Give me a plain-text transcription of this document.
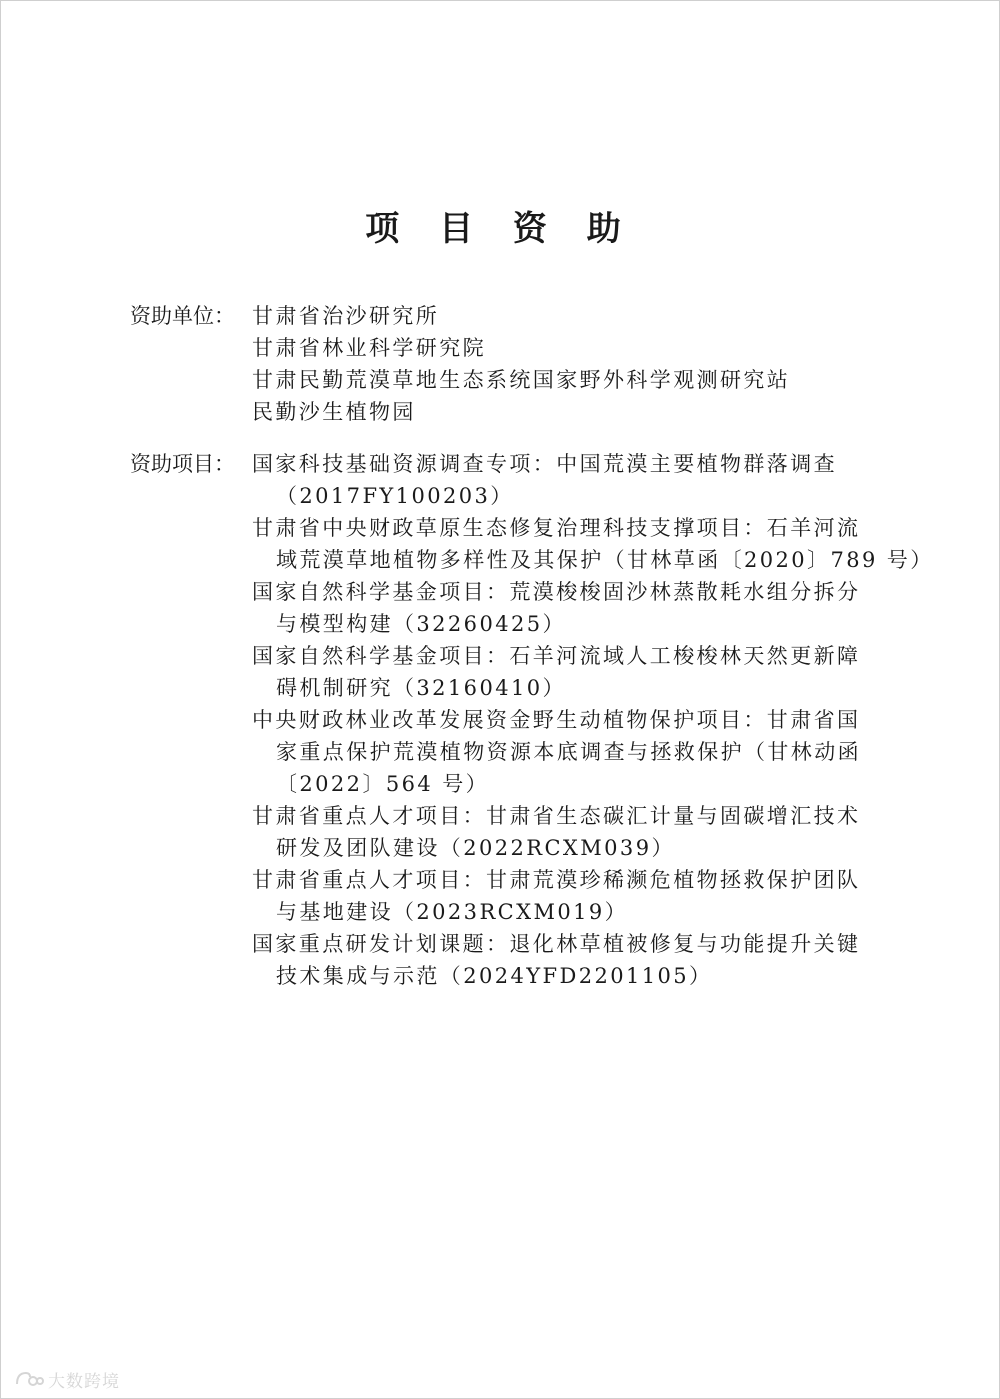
项 目 资 助
资助单位： 甘肃省治沙研究所
甘肃省林业科学研究院
甘肃民勤荒漠草地生态系统国家野外科学观测研究站
民勤沙生植物园
资助项目： 国家科技基础资源调查专项：中国荒漠主要植物群落调查
（2017FY100203）
甘肃省中央财政草原生态修复治理科技支撑项目：石羊河流
域荒漠草地植物多样性及其保护（甘林草函〔2020〕789 号）
国家自然科学基金项目：荒漠梭梭固沙林蒸散耗水组分拆分
与模型构建（32260425）
国家自然科学基金项目：石羊河流域人工梭梭林天然更新障
碍机制研究（32160410）
中央财政林业改革发展资金野生动植物保护项目：甘肃省国
家重点保护荒漠植物资源本底调查与拯救保护（甘林动函
〔2022〕564 号）
甘肃省重点人才项目：甘肃省生态碳汇计量与固碳增汇技术
研发及团队建设（2022RCXM039）
甘肃省重点人才项目：甘肃荒漠珍稀濒危植物拯救保护团队
与基地建设（2023RCXM019）
国家重点研发计划课题：退化林草植被修复与功能提升关键
技术集成与示范（2024YFD2201105）
大数跨境
